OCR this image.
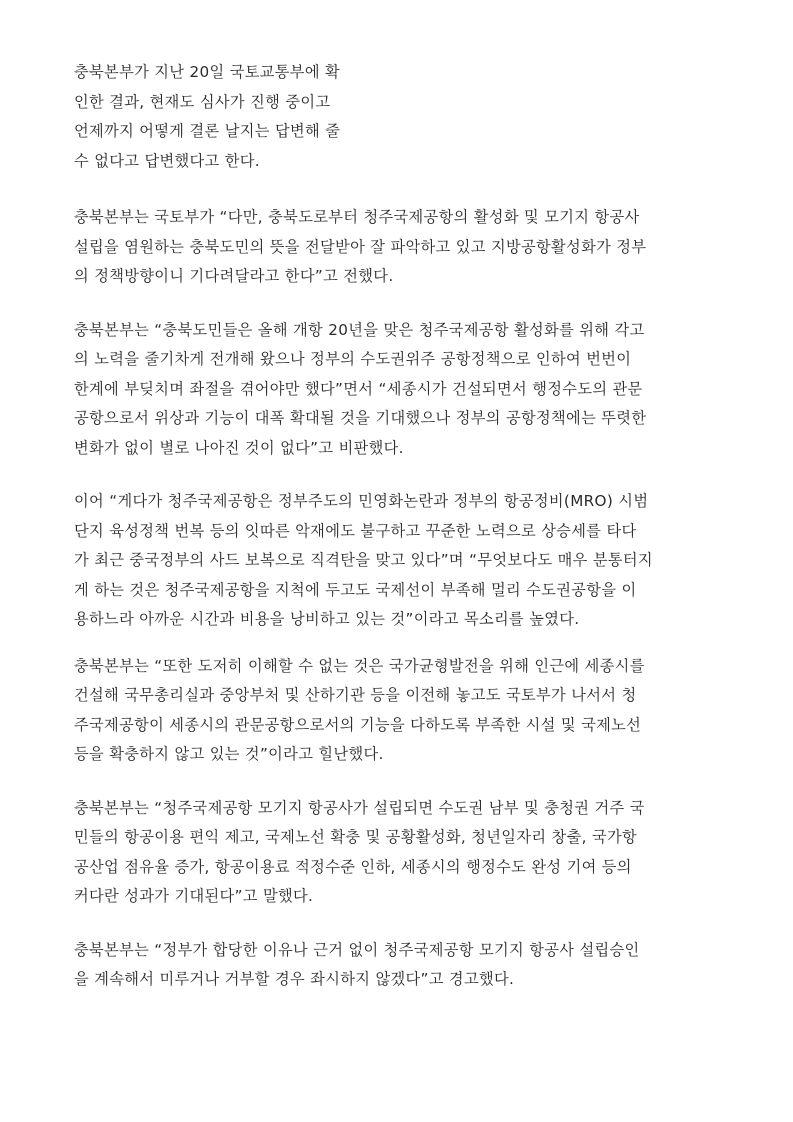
충북본부가 지난 20일 국토교통부에 확
인한 결과, 현재도 심사가 진행 중이고
언제까지 어떻게 결론 날지는 답변해 줄
수 없다고 답변했다고 한다.

충북본부는 국토부가 “다만, 충북도로부터 청주국제공항의 활성화 및 모기지 항공사
설립을 염원하는 충북도민의 뜻을 전달받아 잘 파악하고 있고 지방공항활성화가 정부
의 정책방향이니 기다려달라고 한다”고 전했다.

충북본부는 “충북도민들은 올해 개항 20년을 맞은 청주국제공항 활성화를 위해 각고
의 노력을 줄기차게 전개해 왔으나 정부의 수도권위주 공항정책으로 인하여 번번이
한계에 부딪치며 좌절을 겪어야만 했다”면서 “세종시가 건설되면서 행정수도의 관문
공항으로서 위상과 기능이 대폭 확대될 것을 기대했으나 정부의 공항정책에는 뚜렷한
변화가 없이 별로 나아진 것이 없다”고 비판했다.

이어 “게다가 청주국제공항은 정부주도의 민영화논란과 정부의 항공정비(MRO) 시범
단지 육성정책 번복 등의 잇따른 악재에도 불구하고 꾸준한 노력으로 상승세를 타다
가 최근 중국정부의 사드 보복으로 직격탄을 맞고 있다”며 “무엇보다도 매우 분통터지
게 하는 것은 청주국제공항을 지척에 두고도 국제선이 부족해 멀리 수도권공항을 이
용하느라 아까운 시간과 비용을 낭비하고 있는 것”이라고 목소리를 높였다.

충북본부는 “또한 도저히 이해할 수 없는 것은 국가균형발전을 위해 인근에 세종시를
건설해 국무총리실과 중앙부처 및 산하기관 등을 이전해 놓고도 국토부가 나서서 청
주국제공항이 세종시의 관문공항으로서의 기능을 다하도록 부족한 시설 및 국제노선
등을 확충하지 않고 있는 것”이라고 힐난했다.

충북본부는 “청주국제공항 모기지 항공사가 설립되면 수도권 남부 및 충청권 거주 국
민들의 항공이용 편익 제고, 국제노선 확충 및 공황활성화, 청년일자리 창출, 국가항
공산업 점유율 증가, 항공이용료 적정수준 인하, 세종시의 행정수도 완성 기여 등의
커다란 성과가 기대된다”고 말했다.

충북본부는 “정부가 합당한 이유나 근거 없이 청주국제공항 모기지 항공사 설립승인
을 계속해서 미루거나 거부할 경우 좌시하지 않겠다”고 경고했다.
